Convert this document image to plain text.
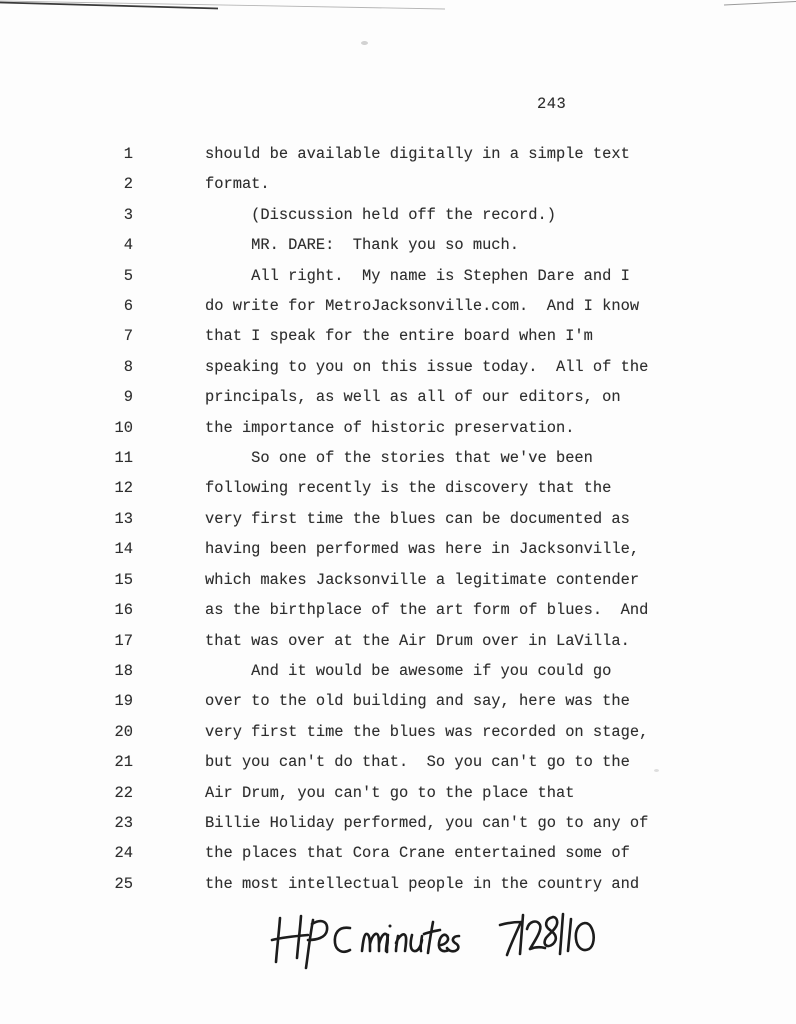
243
1	should be available digitally in a simple text
2	format.
3	(Discussion held off the record.)
4	MR. DARE:  Thank you so much.
5	All right.  My name is Stephen Dare and I
6	do write for MetroJacksonville.com.  And I know
7	that I speak for the entire board when I'm
8	speaking to you on this issue today.  All of the
9	principals, as well as all of our editors, on
10	the importance of historic preservation.
11	So one of the stories that we've been
12	following recently is the discovery that the
13	very first time the blues can be documented as
14	having been performed was here in Jacksonville,
15	which makes Jacksonville a legitimate contender
16	as the birthplace of the art form of blues.  And
17	that was over at the Air Drum over in LaVilla.
18	And it would be awesome if you could go
19	over to the old building and say, here was the
20	very first time the blues was recorded on stage,
21	but you can't do that.  So you can't go to the
22	Air Drum, you can't go to the place that
23	Billie Holiday performed, you can't go to any of
24	the places that Cora Crane entertained some of
25	the most intellectual people in the country and
